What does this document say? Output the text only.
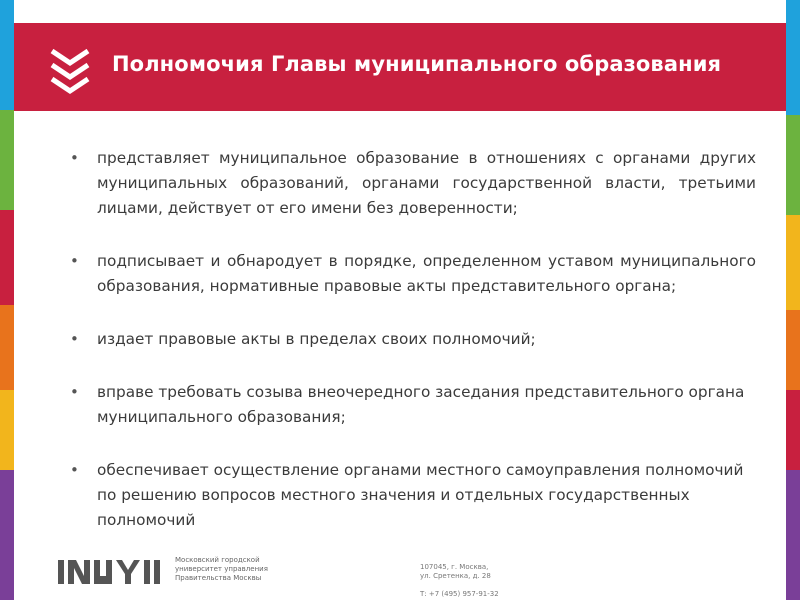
Полномочия Главы муниципального образования
• представляет муниципальное образование в отношениях с органами других муниципальных образований, органами государственной власти, третьими лицами, действует от его имени без доверенности;
• подписывает и обнародует в порядке, определенном уставом муниципального образования, нормативные правовые акты представительного органа;
• издает правовые акты в пределах своих полномочий;
• вправе требовать созыва внеочередного заседания представительного органа муниципального образования;
• обеспечивает осуществление органами местного самоуправления полномочий по решению вопросов местного значения и отдельных государственных полномочий
Московский городской университет управления Правительства Москвы
107045, г. Москва,
ул. Сретенка, д. 28
Т: +7 (495) 957-91-32
